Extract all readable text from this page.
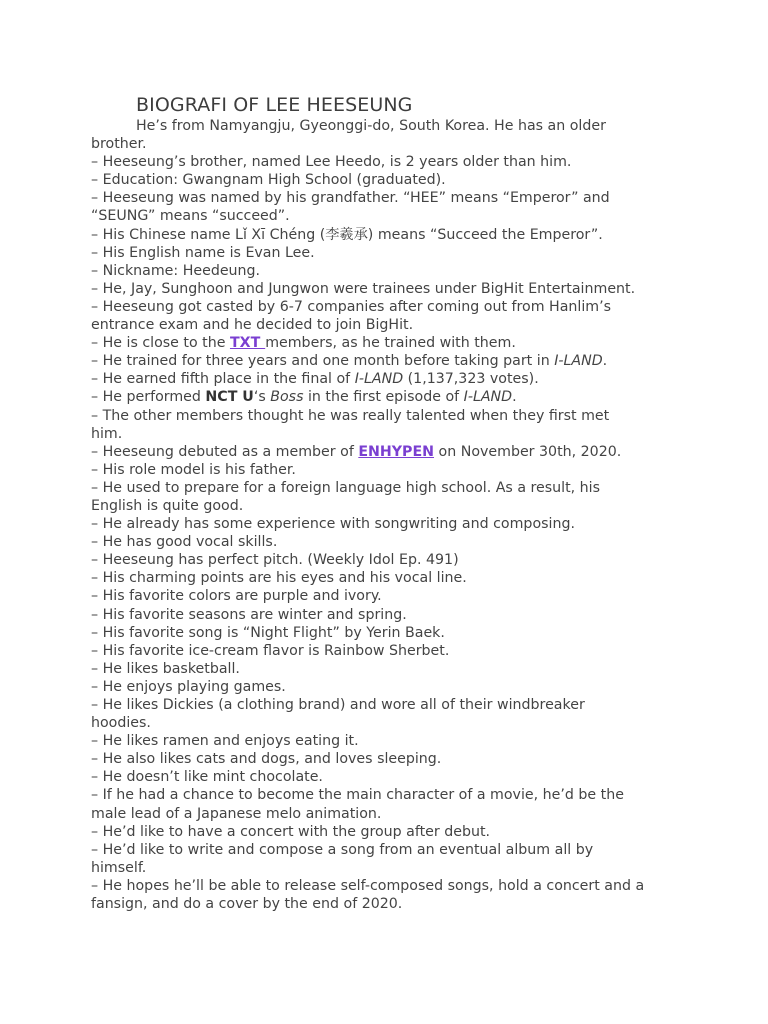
BIOGRAFI OF LEE HEESEUNG
He’s from Namyangju, Gyeonggi-do, South Korea. He has an older
brother.
– Heeseung’s brother, named Lee Heedo, is 2 years older than him.
– Education: Gwangnam High School (graduated).
– Heeseung was named by his grandfather. “HEE” means “Emperor” and
“SEUNG” means “succeed”.
– His Chinese name Lǐ Xī Chéng (李羲承) means “Succeed the Emperor”.
– His English name is Evan Lee.
– Nickname: Heedeung.
– He, Jay, Sunghoon and Jungwon were trainees under BigHit Entertainment.
– Heeseung got casted by 6-7 companies after coming out from Hanlim’s
entrance exam and he decided to join BigHit.
– He is close to the TXT members, as he trained with them.
– He trained for three years and one month before taking part in I-LAND.
– He earned fifth place in the final of I-LAND (1,137,323 votes).
– He performed NCT U‘s Boss in the first episode of I-LAND.
– The other members thought he was really talented when they first met
him.
– Heeseung debuted as a member of ENHYPEN on November 30th, 2020.
– His role model is his father.
– He used to prepare for a foreign language high school. As a result, his
English is quite good.
– He already has some experience with songwriting and composing.
– He has good vocal skills.
– Heeseung has perfect pitch. (Weekly Idol Ep. 491)
– His charming points are his eyes and his vocal line.
– His favorite colors are purple and ivory.
– His favorite seasons are winter and spring.
– His favorite song is “Night Flight” by Yerin Baek.
– His favorite ice-cream flavor is Rainbow Sherbet.
– He likes basketball.
– He enjoys playing games.
– He likes Dickies (a clothing brand) and wore all of their windbreaker
hoodies.
– He likes ramen and enjoys eating it.
– He also likes cats and dogs, and loves sleeping.
– He doesn’t like mint chocolate.
– If he had a chance to become the main character of a movie, he’d be the
male lead of a Japanese melo animation.
– He’d like to have a concert with the group after debut.
– He’d like to write and compose a song from an eventual album all by
himself.
– He hopes he’ll be able to release self-composed songs, hold a concert and a
fansign, and do a cover by the end of 2020.
